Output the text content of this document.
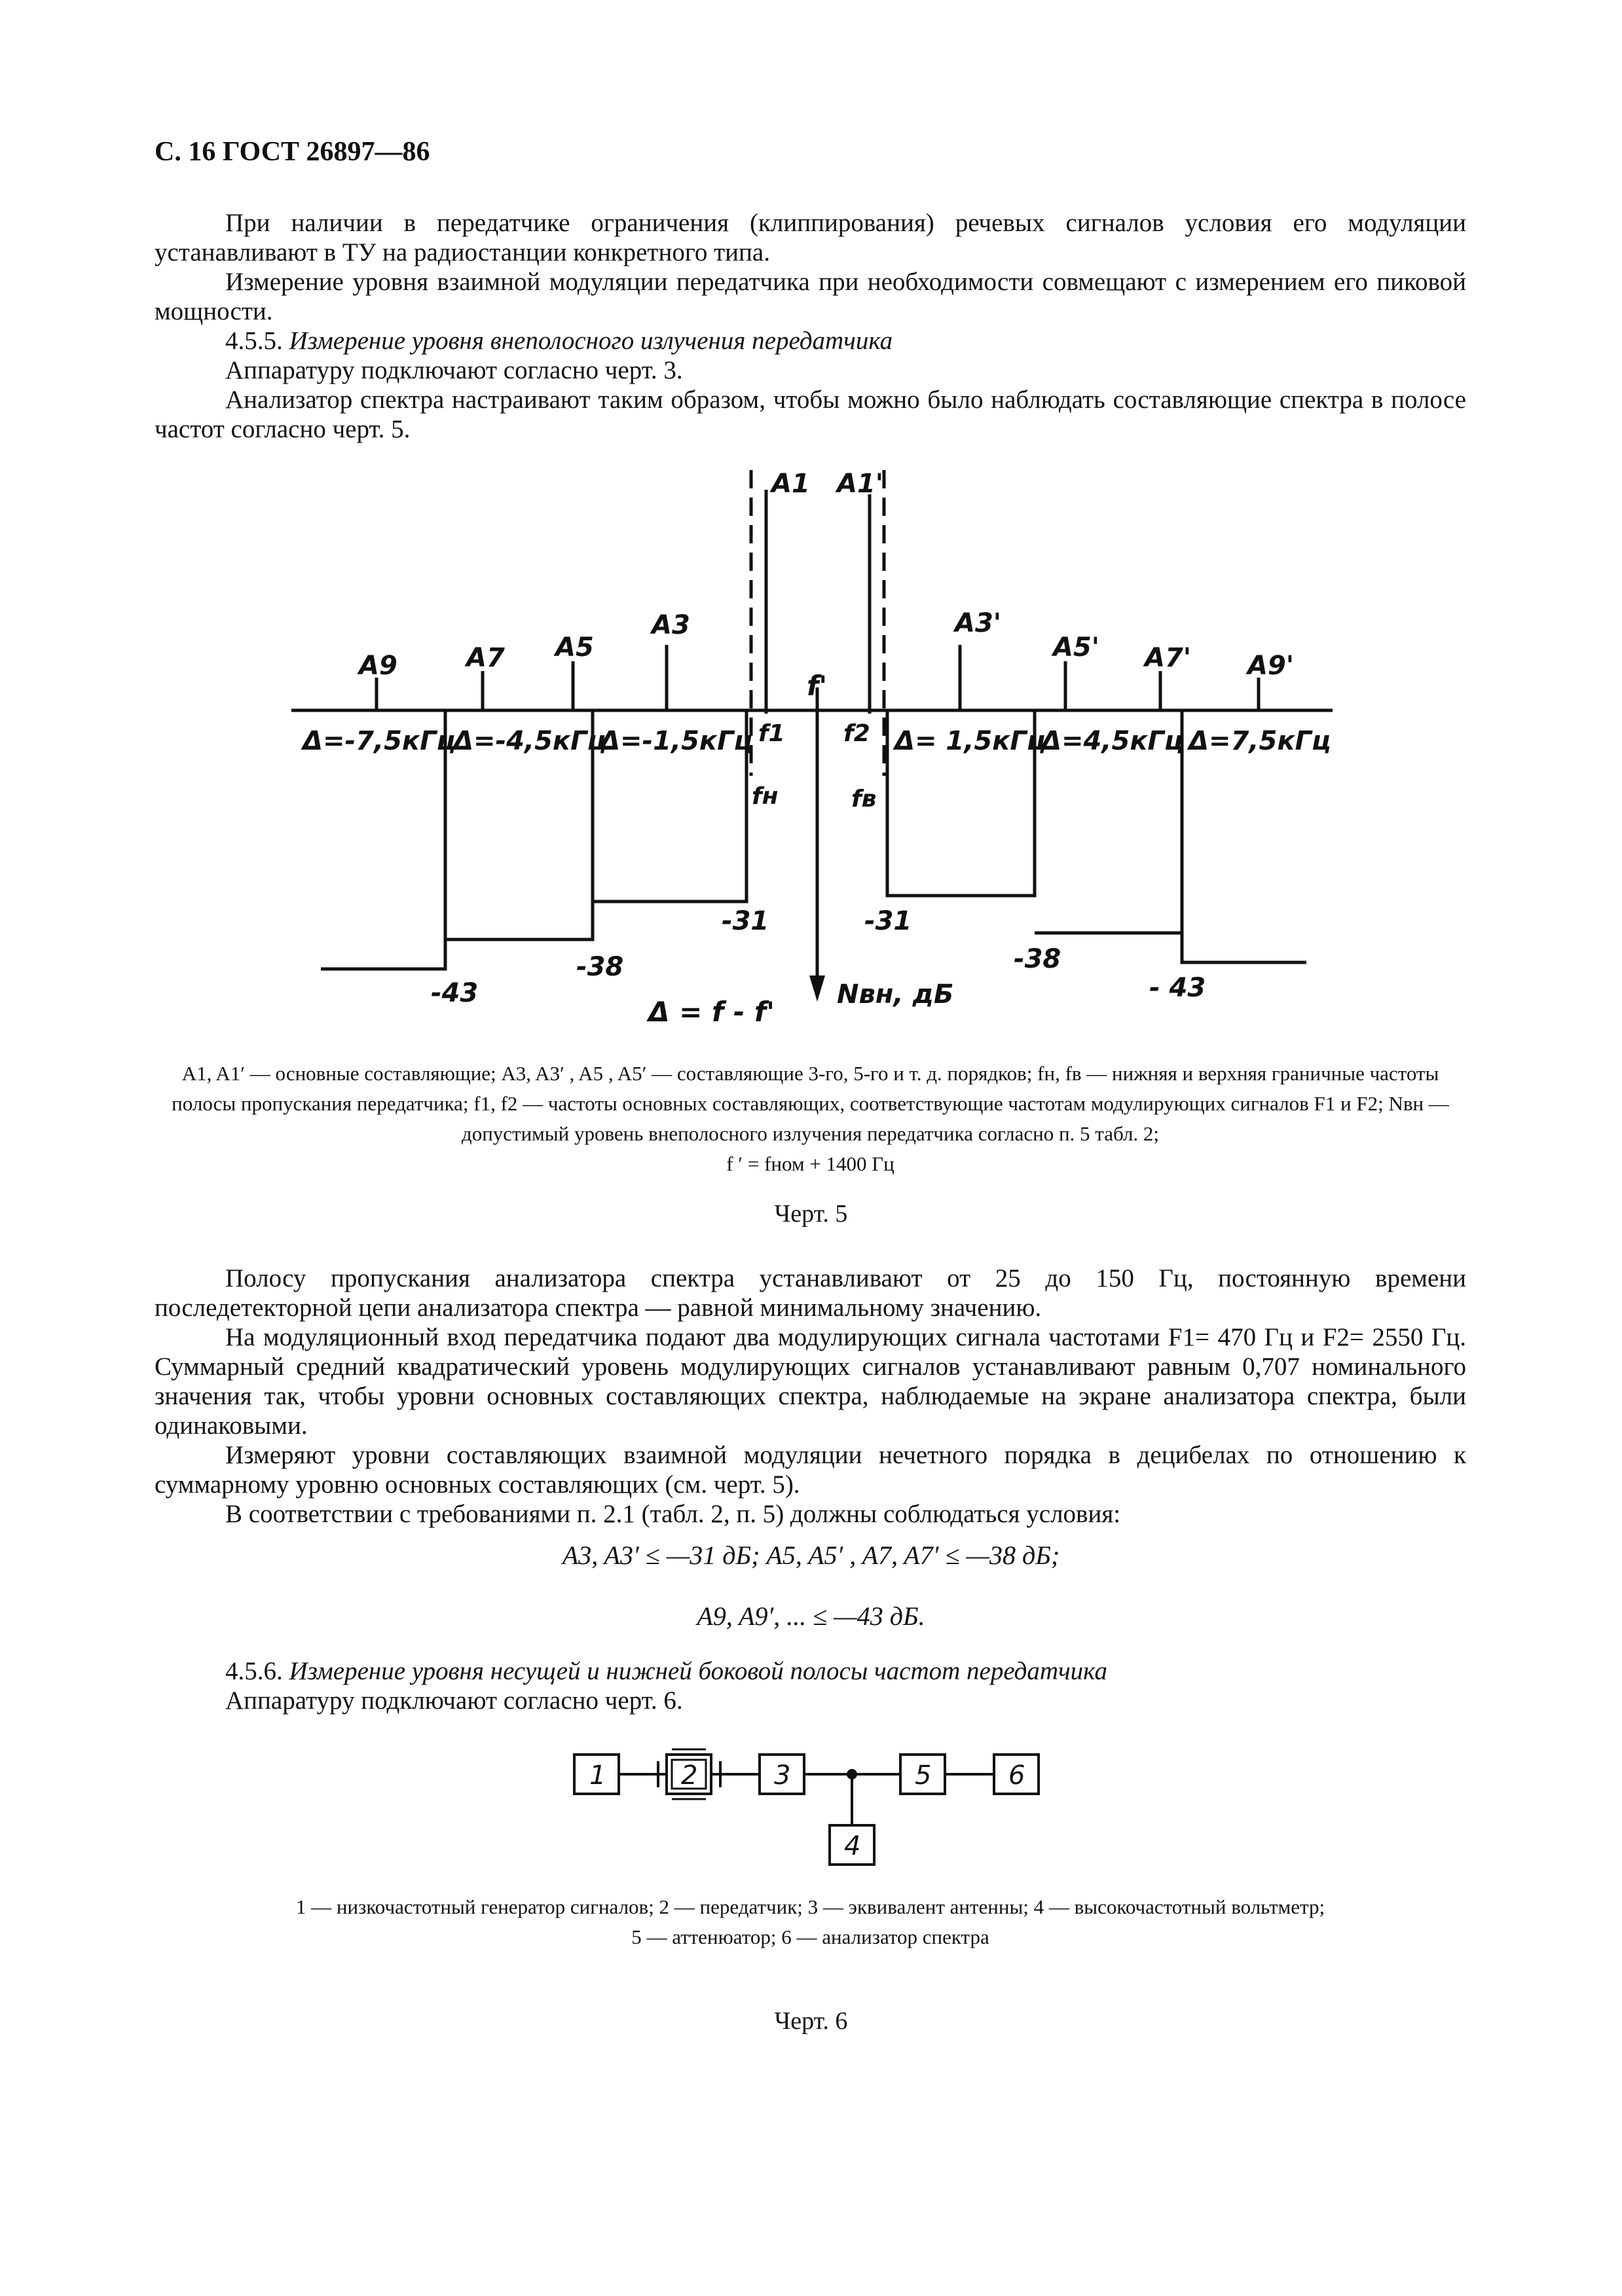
С. 16 ГОСТ 26897—86

При наличии в передатчике ограничения (клиппирования) речевых сигналов условия его модуляции устанавливают в ТУ на радиостанции конкретного типа.

Измерение уровня взаимной модуляции передатчика при необходимости совмещают с измерением его пиковой мощности.

4.5.5. Измерение уровня внеполосного излучения передатчика

Аппаратуру подключают согласно черт. 3.

Анализатор спектра настраивают таким образом, чтобы можно было наблюдать составляющие спектра в полосе частот согласно черт. 5.

A9	A7 A5
A3
A1 A1'
A3'
A5' A7' A9'
f'
f1 f2
fн	fв
Δ=-7,5кГц
Δ=-4,5кГц
Δ=-1,5кГц	Δ= 1,5кГц
Δ=4,5кГц Δ=7,5кГц
-43
-38
-31	-31
-38
- 43
Nвн, дБ
Δ = f - f'
A1, A1′ — основные составляющие; A3, A3′ , A5 , A5′ — составляющие 3-го, 5-го и т. д. порядков; fн, fв — нижняя и верхняя граничные частоты полосы пропускания передатчика; f1, f2 — частоты основных составляющих, соответствующие частотам модулирующих сигналов F1 и F2; Nвн — допустимый уровень внеполосного излучения передатчика согласно п. 5 табл. 2;
f ′ = fном + 1400 Гц
Черт. 5

Полосу пропускания анализатора спектра устанавливают от 25 до 150 Гц, постоянную времени последетекторной цепи анализатора спектра — равной минимальному значению.

На модуляционный вход передатчика подают два модулирующих сигнала частотами F1= 470 Гц и F2= 2550 Гц. Суммарный средний квадратический уровень модулирующих сигналов устанавливают равным 0,707 номинального значения так, чтобы уровни основных составляющих спектра, наблюдаемые на экране анализатора спектра, были одинаковыми.

Измеряют уровни составляющих взаимной модуляции нечетного порядка в децибелах по отношению к суммарному уровню основных составляющих (см. черт. 5).

В соответствии с требованиями п. 2.1 (табл. 2, п. 5) должны соблюдаться условия:

A3, A3′ ≤ —31 дБ; A5, A5′ , A7, A7′ ≤ —38 дБ;
A9, A9′, ... ≤ —43 дБ.

4.5.6. Измерение уровня несущей и нижней боковой полосы частот передатчика

Аппаратуру подключают согласно черт. 6.

1	2	3
4
5	6
1 — низкочастотный генератор сигналов; 2 — передатчик; 3 — эквивалент антенны; 4 — высокочастотный вольтметр;
5 — аттенюатор; 6 — анализатор спектра
Черт. 6
